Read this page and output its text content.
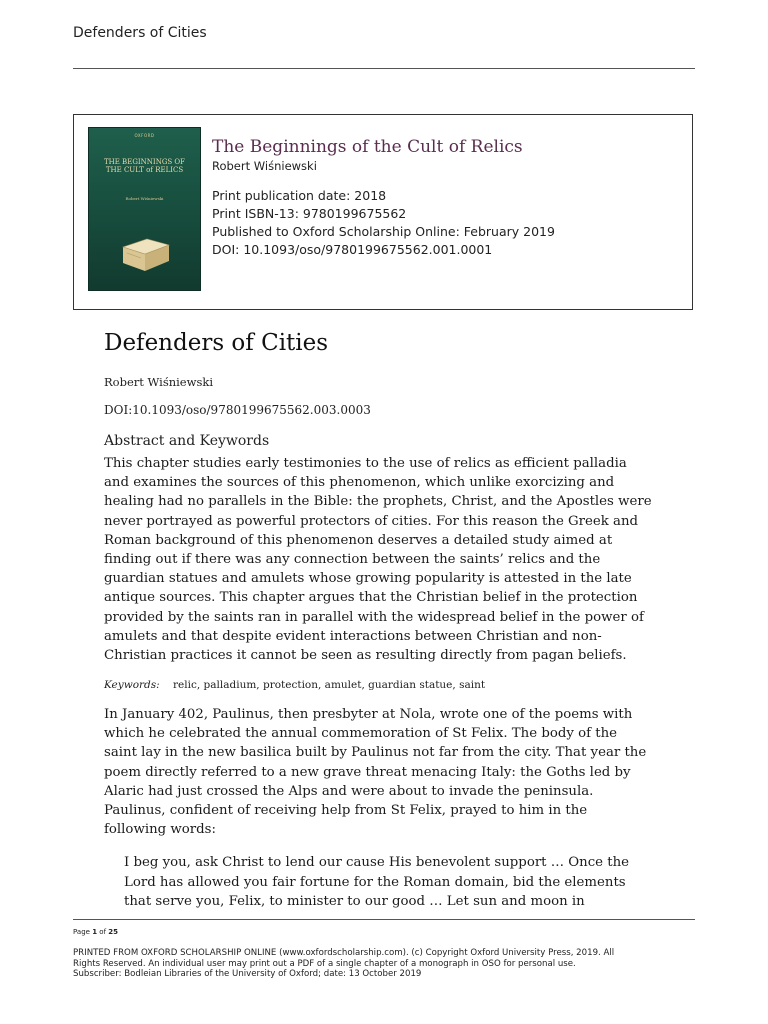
Defenders of Cities
OXFORD
THE BEGINNINGS OF
THE CULT of RELICS
Robert Wiśniewski
The Beginnings of the Cult of Relics
Robert Wiśniewski
Print publication date: 2018
Print ISBN-13: 9780199675562
Published to Oxford Scholarship Online: February 2019
DOI: 10.1093/oso/9780199675562.001.0001
Defenders of Cities
Robert Wiśniewski
DOI:10.1093/oso/9780199675562.003.0003
Abstract and Keywords
This chapter studies early testimonies to the use of relics as efficient palladia
and examines the sources of this phenomenon, which unlike exorcizing and
healing had no parallels in the Bible: the prophets, Christ, and the Apostles were
never portrayed as powerful protectors of cities. For this reason the Greek and
Roman background of this phenomenon deserves a detailed study aimed at
finding out if there was any connection between the saints’ relics and the
guardian statues and amulets whose growing popularity is attested in the late
antique sources. This chapter argues that the Christian belief in the protection
provided by the saints ran in parallel with the widespread belief in the power of
amulets and that despite evident interactions between Christian and non-
Christian practices it cannot be seen as resulting directly from pagan beliefs.
Keywords: relic, palladium, protection, amulet, guardian statue, saint
In January 402, Paulinus, then presbyter at Nola, wrote one of the poems with
which he celebrated the annual commemoration of St Felix. The body of the
saint lay in the new basilica built by Paulinus not far from the city. That year the
poem directly referred to a new grave threat menacing Italy: the Goths led by
Alaric had just crossed the Alps and were about to invade the peninsula.
Paulinus, confident of receiving help from St Felix, prayed to him in the
following words:
I beg you, ask Christ to lend our cause His benevolent support … Once the
Lord has allowed you fair fortune for the Roman domain, bid the elements
that serve you, Felix, to minister to our good … Let sun and moon in
Page 1 of 25
PRINTED FROM OXFORD SCHOLARSHIP ONLINE (www.oxfordscholarship.com). (c) Copyright Oxford University Press, 2019. All
Rights Reserved. An individual user may print out a PDF of a single chapter of a monograph in OSO for personal use.
Subscriber: Bodleian Libraries of the University of Oxford; date: 13 October 2019
